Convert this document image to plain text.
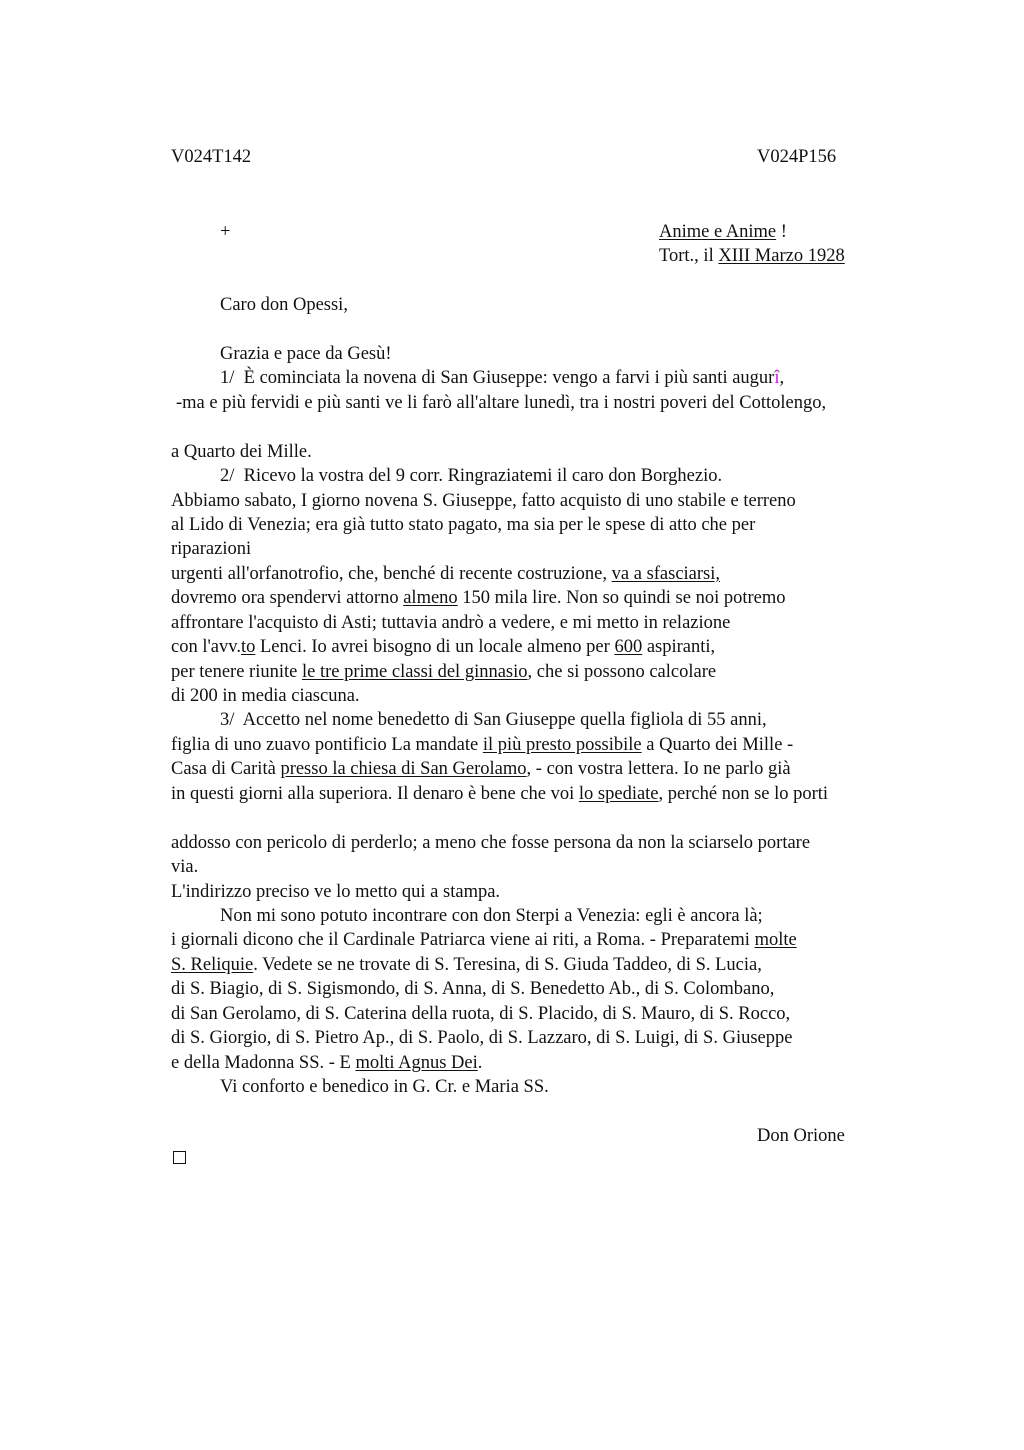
V024T142	V024P156
+	Anime e Anime !
Tort., il XIII Marzo 1928
Caro don Opessi,
Grazia e pace da Gesù!
1/  È cominciata la novena di San Giuseppe: vengo a farvi i più santi augurî,
-ma e più fervidi e più santi ve li farò all'altare lunedì, tra i nostri poveri del Cottolengo,
a Quarto dei Mille.
2/  Ricevo la vostra del 9 corr. Ringraziatemi il caro don Borghezio.
Abbiamo sabato, I giorno novena S. Giuseppe, fatto acquisto di uno stabile e terreno
al Lido di Venezia; era già tutto stato pagato, ma sia per le spese di atto che per
riparazioni
urgenti all'orfanotrofio, che, benché di recente costruzione, va a sfasciarsi,
dovremo ora spendervi attorno almeno 150 mila lire. Non so quindi se noi potremo
affrontare l'acquisto di Asti; tuttavia andrò a vedere, e mi metto in relazione
con l'avv.to Lenci. Io avrei bisogno di un locale almeno per 600 aspiranti,
per tenere riunite le tre prime classi del ginnasio, che si possono calcolare
di 200 in media ciascuna.
3/  Accetto nel nome benedetto di San Giuseppe quella figliola di 55 anni,
figlia di uno zuavo pontificio La mandate il più presto possibile a Quarto dei Mille -
Casa di Carità presso la chiesa di San Gerolamo, - con vostra lettera. Io ne parlo già
in questi giorni alla superiora. Il denaro è bene che voi lo spediate, perché non se lo porti
addosso con pericolo di perderlo; a meno che fosse persona da non la sciarselo portare
via.
L'indirizzo preciso ve lo metto qui a stampa.
Non mi sono potuto incontrare con don Sterpi a Venezia: egli è ancora là;
i giornali dicono che il Cardinale Patriarca viene ai riti, a Roma. - Preparatemi molte
S. Reliquie. Vedete se ne trovate di S. Teresina, di S. Giuda Taddeo, di S. Lucia,
di S. Biagio, di S. Sigismondo, di S. Anna, di S. Benedetto Ab., di S. Colombano,
di San Gerolamo, di S. Caterina della ruota, di S. Placido, di S. Mauro, di S. Rocco,
di S. Giorgio, di S. Pietro Ap., di S. Paolo, di S. Lazzaro, di S. Luigi, di S. Giuseppe
e della Madonna SS. - E molti Agnus Dei.
Vi conforto e benedico in G. Cr. e Maria SS.
Don Orione
